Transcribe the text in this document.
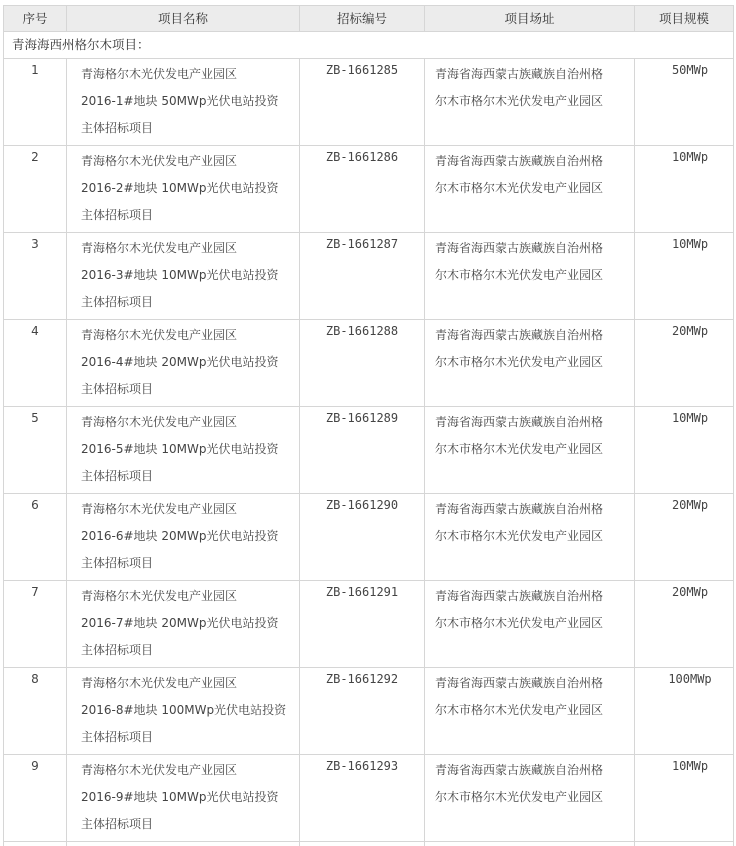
序号	项目名称	招标编号	项目场址	项目规模
青海海西州格尔木项目：				
1	青海格尔木光伏发电产业园区
2016-1#地块 50MWp光伏电站投资
主体招标项目	ZB-1661285	青海省海西蒙古族藏族自治州格
尔木市格尔木光伏发电产业园区	50MWp
2	青海格尔木光伏发电产业园区
2016-2#地块 10MWp光伏电站投资
主体招标项目	ZB-1661286	青海省海西蒙古族藏族自治州格
尔木市格尔木光伏发电产业园区	10MWp
3	青海格尔木光伏发电产业园区
2016-3#地块 10MWp光伏电站投资
主体招标项目	ZB-1661287	青海省海西蒙古族藏族自治州格
尔木市格尔木光伏发电产业园区	10MWp
4	青海格尔木光伏发电产业园区
2016-4#地块 20MWp光伏电站投资
主体招标项目	ZB-1661288	青海省海西蒙古族藏族自治州格
尔木市格尔木光伏发电产业园区	20MWp
5	青海格尔木光伏发电产业园区
2016-5#地块 10MWp光伏电站投资
主体招标项目	ZB-1661289	青海省海西蒙古族藏族自治州格
尔木市格尔木光伏发电产业园区	10MWp
6	青海格尔木光伏发电产业园区
2016-6#地块 20MWp光伏电站投资
主体招标项目	ZB-1661290	青海省海西蒙古族藏族自治州格
尔木市格尔木光伏发电产业园区	20MWp
7	青海格尔木光伏发电产业园区
2016-7#地块 20MWp光伏电站投资
主体招标项目	ZB-1661291	青海省海西蒙古族藏族自治州格
尔木市格尔木光伏发电产业园区	20MWp
8	青海格尔木光伏发电产业园区
2016-8#地块 100MWp光伏电站投资
主体招标项目	ZB-1661292	青海省海西蒙古族藏族自治州格
尔木市格尔木光伏发电产业园区	100MWp
9	青海格尔木光伏发电产业园区
2016-9#地块 10MWp光伏电站投资
主体招标项目	ZB-1661293	青海省海西蒙古族藏族自治州格
尔木市格尔木光伏发电产业园区	10MWp
